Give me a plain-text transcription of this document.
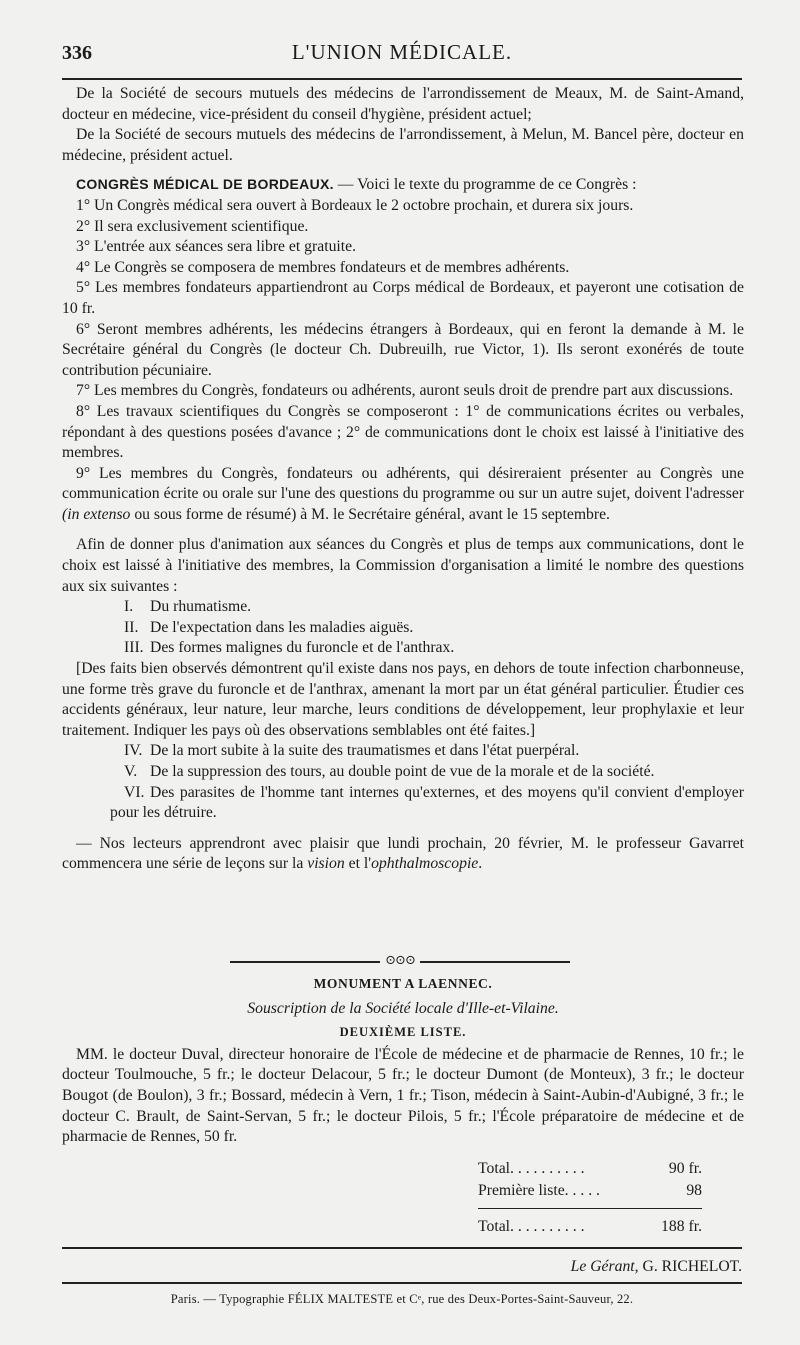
336	L'UNION MÉDICALE.

De la Société de secours mutuels des médecins de l'arrondissement de Meaux, M. de Saint-Amand, docteur en médecine, vice-président du conseil d'hygiène, président actuel;

De la Société de secours mutuels des médecins de l'arrondissement, à Melun, M. Bancel père, docteur en médecine, président actuel.

CONGRÈS MÉDICAL DE BORDEAUX. — Voici le texte du programme de ce Congrès :

1° Un Congrès médical sera ouvert à Bordeaux le 2 octobre prochain, et durera six jours.

2° Il sera exclusivement scientifique.

3° L'entrée aux séances sera libre et gratuite.

4° Le Congrès se composera de membres fondateurs et de membres adhérents.

5° Les membres fondateurs appartiendront au Corps médical de Bordeaux, et payeront une cotisation de 10 fr.

6° Seront membres adhérents, les médecins étrangers à Bordeaux, qui en feront la demande à M. le Secrétaire général du Congrès (le docteur Ch. Dubreuilh, rue Victor, 1). Ils seront exonérés de toute contribution pécuniaire.

7° Les membres du Congrès, fondateurs ou adhérents, auront seuls droit de prendre part aux discussions.

8° Les travaux scientifiques du Congrès se composeront : 1° de communications écrites ou verbales, répondant à des questions posées d'avance ; 2° de communications dont le choix est laissé à l'initiative des membres.

9° Les membres du Congrès, fondateurs ou adhérents, qui désireraient présenter au Congrès une communication écrite ou orale sur l'une des questions du programme ou sur un autre sujet, doivent l'adresser (in extenso ou sous forme de résumé) à M. le Secrétaire général, avant le 15 septembre.

Afin de donner plus d'animation aux séances du Congrès et plus de temps aux communications, dont le choix est laissé à l'initiative des membres, la Commission d'organisation a limité le nombre des questions aux six suivantes :

I. Du rhumatisme.

II. De l'expectation dans les maladies aiguës.

III. Des formes malignes du furoncle et de l'anthrax.

[Des faits bien observés démontrent qu'il existe dans nos pays, en dehors de toute infection charbonneuse, une forme très grave du furoncle et de l'anthrax, amenant la mort par un état général particulier. Étudier ces accidents généraux, leur nature, leur marche, leurs conditions de développement, leur prophylaxie et leur traitement. Indiquer les pays où des observations semblables ont été faites.]

IV. De la mort subite à la suite des traumatismes et dans l'état puerpéral.

V. De la suppression des tours, au double point de vue de la morale et de la société.

VI. Des parasites de l'homme tant internes qu'externes, et des moyens qu'il convient d'employer pour les détruire.

— Nos lecteurs apprendront avec plaisir que lundi prochain, 20 février, M. le professeur Gavarret commencera une série de leçons sur la vision et l'ophthalmoscopie.

⊙⊙⊙
MONUMENT A LAENNEC.
Souscription de la Société locale d'Ille-et-Vilaine.
DEUXIÈME LISTE.

MM. le docteur Duval, directeur honoraire de l'École de médecine et de pharmacie de Rennes, 10 fr.; le docteur Toulmouche, 5 fr.; le docteur Delacour, 5 fr.; le docteur Dumont (de Monteux), 3 fr.; le docteur Bougot (de Boulon), 3 fr.; Bossard, médecin à Vern, 1 fr.; Tison, médecin à Saint-Aubin-d'Aubigné, 3 fr.; le docteur C. Brault, de Saint-Servan, 5 fr.; le docteur Pilois, 5 fr.; l'École préparatoire de médecine et de pharmacie de Rennes, 50 fr.

Total. . . . . . . . . .	90 fr.
Première liste. . . . .	98
Total. . . . . . . . . .	188 fr.
Le Gérant, G. RICHELOT.
Paris. — Typographie FÉLIX MALTESTE et Cᵉ, rue des Deux-Portes-Saint-Sauveur, 22.
